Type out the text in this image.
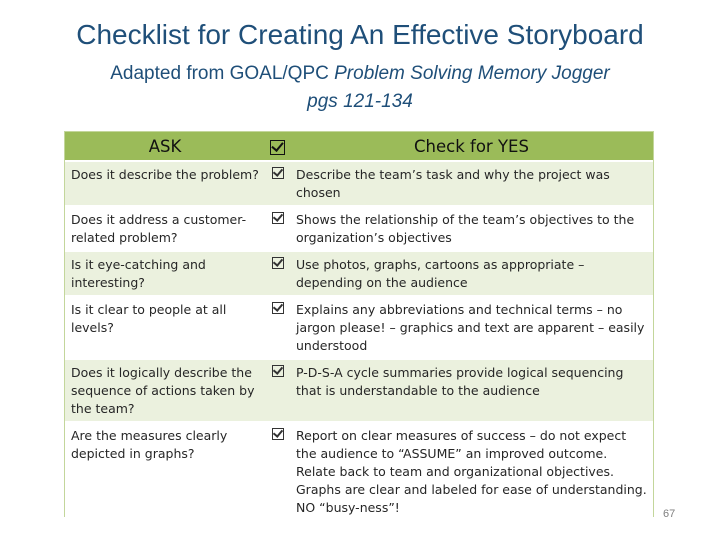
Checklist for Creating An Effective Storyboard
Adapted from GOAL/QPC Problem Solving Memory Jogger
pgs 121-134
ASK		Check for YES
Does it describe the problem?		Describe the team’s task and why the project was chosen
Does it address a customer-related problem?		Shows the relationship of the team’s objectives to the organization’s objectives
Is it eye-catching and interesting?		Use photos, graphs, cartoons as appropriate – depending on the audience
Is it clear to people at all levels?		Explains any abbreviations and technical terms – no jargon please! – graphics and text are apparent – easily understood
Does it logically describe the sequence of actions taken by the team?		P-D-S-A cycle summaries provide logical sequencing that is understandable to the audience
Are the measures clearly depicted in graphs?		Report on clear measures of success – do not expect the audience to “ASSUME” an improved outcome. Relate back to team and organizational objectives. Graphs are clear and labeled for ease of understanding. NO “busy-ness”!	67
